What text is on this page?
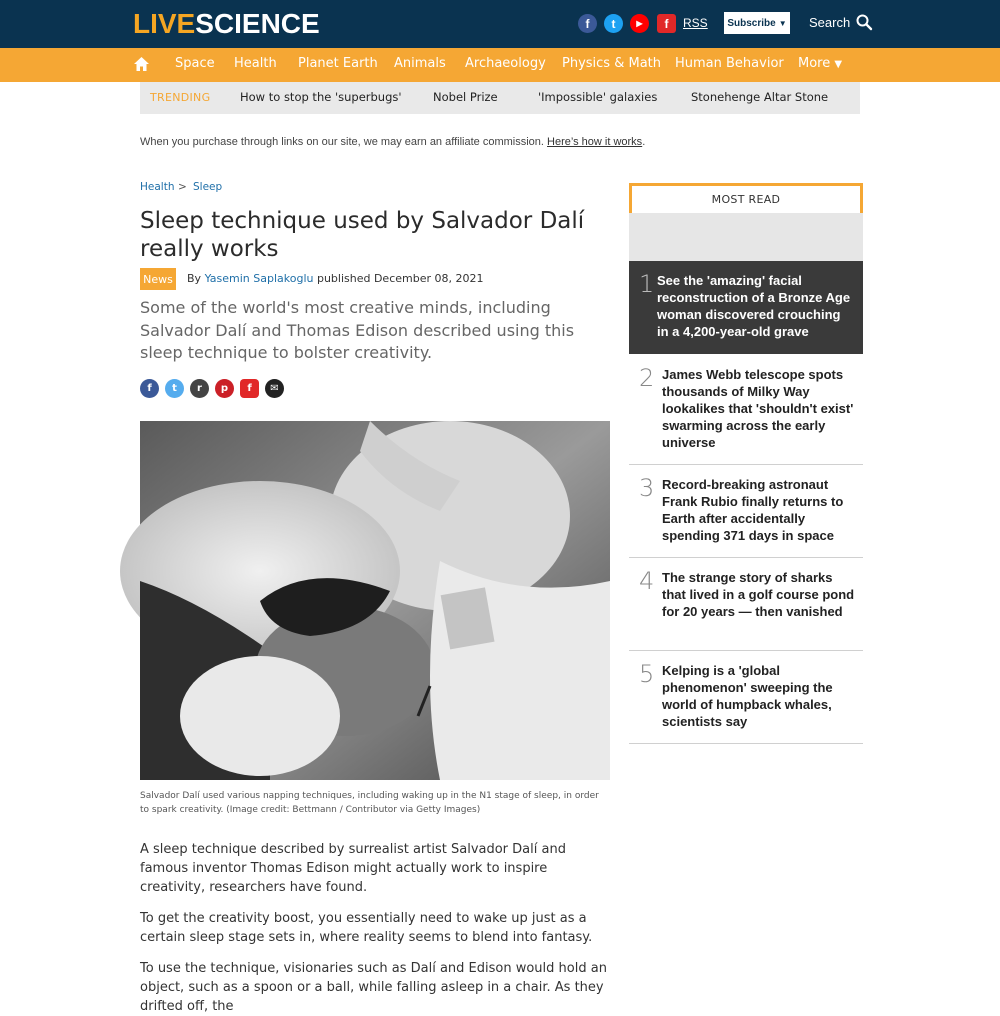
LIVESCIENCE	f t	▶ f RSS Subscribe ▼ Search
Space Health Planet Earth Animals Archaeology Physics & Math Human Behavior More ▼
TRENDING	How to stop the 'superbugs'	Nobel Prize	'Impossible' galaxies	Stonehenge Altar Stone
When you purchase through links on our site, we may earn an affiliate commission. Here’s how it works.
Health > Sleep
Sleep technique used by Salvador Dalí really works
News By Yasemin Saplakoglu published December 08, 2021

Some of the world's most creative minds, including Salvador Dalí and Thomas Edison described using this sleep technique to bolster creativity.

f t r p f ✉

Salvador Dalí used various napping techniques, including waking up in the N1 stage of sleep, in order to spark creativity. (Image credit: Bettmann / Contributor via Getty Images)

A sleep technique described by surrealist artist Salvador Dalí and famous inventor Thomas Edison might actually work to inspire creativity, researchers have found.

To get the creativity boost, you essentially need to wake up just as a certain sleep stage sets in, where reality seems to blend into fantasy.

To use the technique, visionaries such as Dalí and Edison would hold an object, such as a spoon or a ball, while falling asleep in a chair. As they drifted off, the

MOST READ
1 See the 'amazing' facial reconstruction of a Bronze Age woman discovered crouching in a 4,200-year-old grave
2 James Webb telescope spots thousands of Milky Way lookalikes that 'shouldn't exist' swarming across the early universe
3 Record-breaking astronaut Frank Rubio finally returns to Earth after accidentally spending 371 days in space
4 The strange story of sharks that lived in a golf course pond for 20 years — then vanished
5 Kelping is a 'global phenomenon' sweeping the world of humpback whales, scientists say
